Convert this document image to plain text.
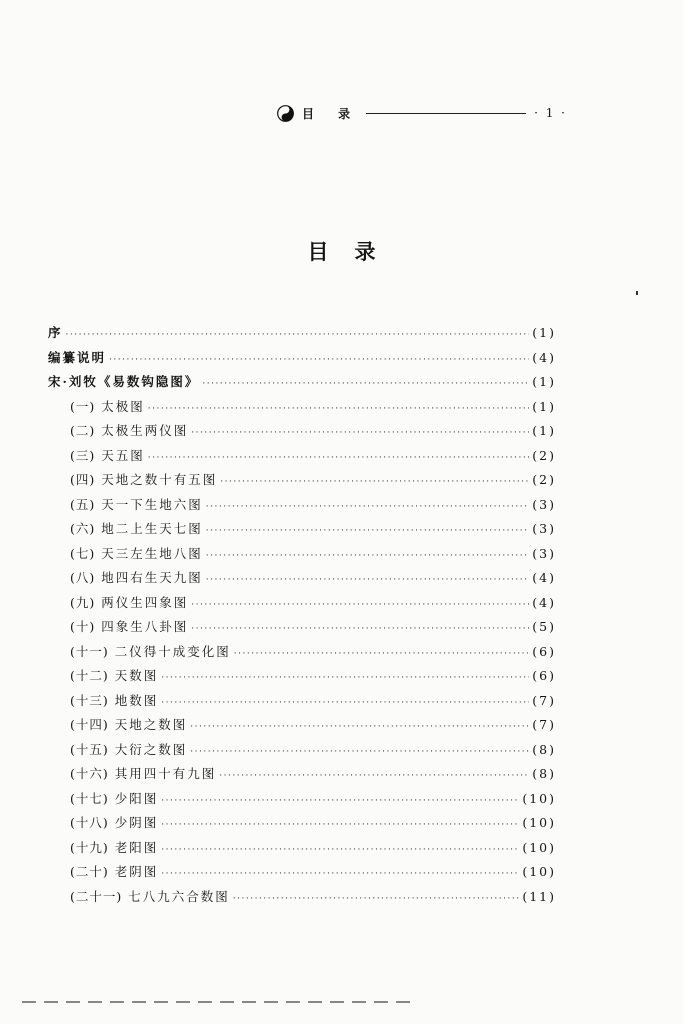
目 录	· 1 ·
目录
序 ·····	(1)
编纂说明 ·····	(4)
宋·刘牧《易数钩隐图》 ·····	(1)
(一) 太极图 ·····	(1)
(二) 太极生两仪图 ·····	(1)
(三) 天五图 ·····	(2)
(四) 天地之数十有五图 ·····	(2)
(五) 天一下生地六图 ·····	(3)
(六) 地二上生天七图 ·····	(3)
(七) 天三左生地八图 ·····	(3)
(八) 地四右生天九图 ·····	(4)
(九) 两仪生四象图 ·····	(4)
(十) 四象生八卦图 ·····	(5)
(十一) 二仪得十成变化图 ·····	(6)
(十二) 天数图 ·····	(6)
(十三) 地数图 ·····	(7)
(十四) 天地之数图 ·····	(7)
(十五) 大衍之数图 ·····	(8)
(十六) 其用四十有九图 ·····	(8)
(十七) 少阳图 ·····	(10)
(十八) 少阴图 ·····	(10)
(十九) 老阳图 ·····	(10)
(二十) 老阴图 ·····	(10)
(二十一) 七八九六合数图 ·····	(11)
